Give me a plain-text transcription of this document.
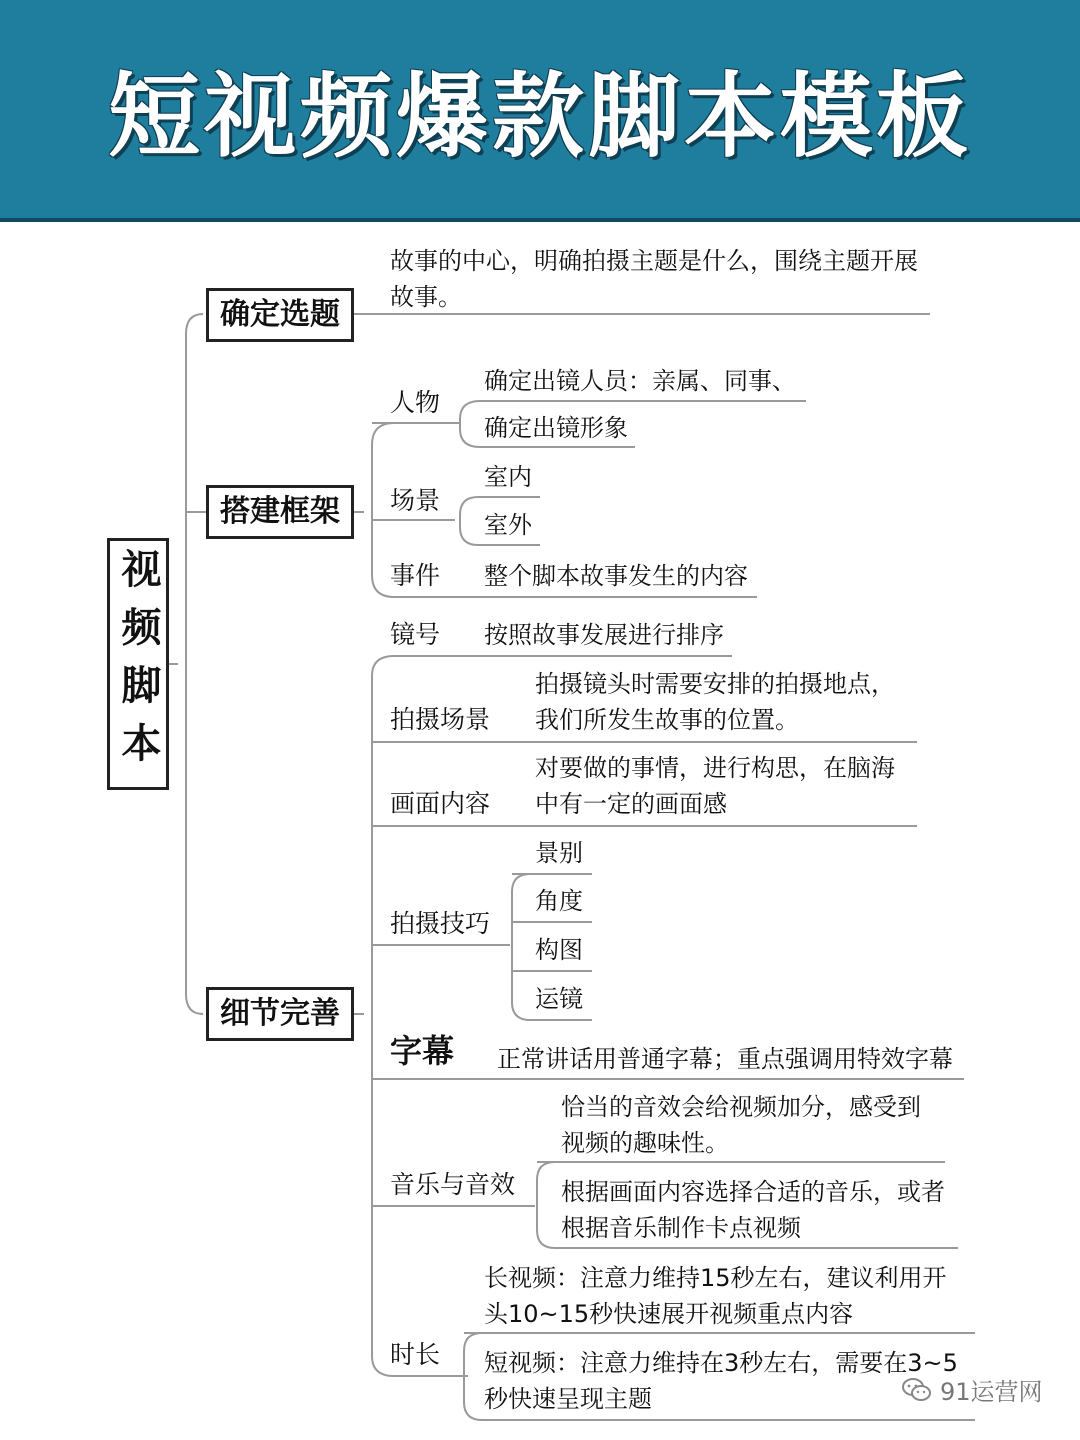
短视频爆款脚本模板
视频脚本
确定选题
故事的中心，明确拍摄主题是什么，围绕主题开展
故事。
搭建框架
人物
确定出镜人员：亲属、同事、
确定出镜形象
场景
室内
室外
事件 整个脚本故事发生的内容
细节完善
镜号 按照故事发展进行排序
拍摄场景
拍摄镜头时需要安排的拍摄地点，
我们所发生故事的位置。
画面内容
对要做的事情，进行构思，在脑海
中有一定的画面感
拍摄技巧
景别
角度
构图
运镜
字幕 正常讲话用普通字幕；重点强调用特效字幕
音乐与音效
恰当的音效会给视频加分，感受到
视频的趣味性。
根据画面内容选择合适的音乐，或者
根据音乐制作卡点视频
时长
长视频：注意力维持15秒左右，建议利用开
头10~15秒快速展开视频重点内容
短视频：注意力维持在3秒左右，需要在3~5
秒快速呈现主题	91运营网
